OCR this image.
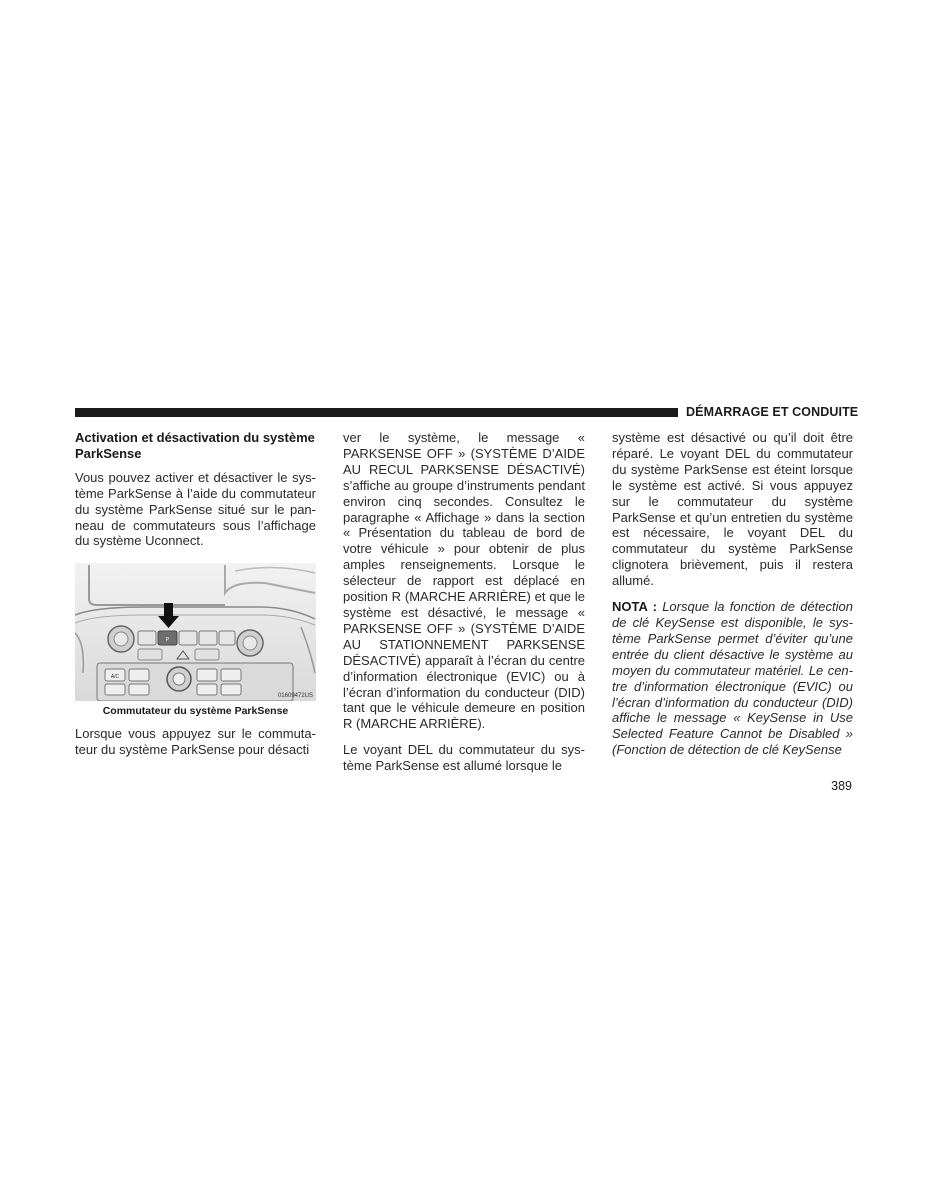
DÉMARRAGE ET CONDUITE

Activation et désactivation du système ParkSense

Vous pouvez activer et désactiver le système ParkSense à l’aide du commutateur du système ParkSense situé sur le panneau de commutateurs sous l’affichage du système Uconnect.

P
A/C
01609472US
Commutateur du système ParkSense

Lorsque vous appuyez sur le commutateur du système ParkSense pour désacti

ver le système, le message « PARKSENSE OFF » (SYSTÈME D’AIDE AU RECUL PARKSENSE DÉSACTIVÉ) s’affiche au groupe d’instruments pendant environ cinq secondes. Consultez le paragraphe « Affichage » dans la section « Présentation du tableau de bord de votre véhicule » pour obtenir de plus amples renseignements. Lorsque le sélecteur de rapport est déplacé en position R (MARCHE ARRIÈRE) et que le système est désactivé, le message « PARKSENSE OFF » (SYSTÈME D’AIDE AU STATIONNEMENT PARKSENSE DÉSACTIVÉ) apparaît à l’écran du centre d’information électronique (EVIC) ou à l’écran d’information du conducteur (DID) tant que le véhicule demeure en position R (MARCHE ARRIÈRE).

Le voyant DEL du commutateur du système ParkSense est allumé lorsque le

système est désactivé ou qu’il doit être réparé. Le voyant DEL du commutateur du système ParkSense est éteint lorsque le système est activé. Si vous appuyez sur le commutateur du système ParkSense et qu’un entretien du système est nécessaire, le voyant DEL du commutateur du système ParkSense clignotera brièvement, puis il restera allumé.

NOTA : Lorsque la fonction de détection de clé KeySense est disponible, le système ParkSense permet d’éviter qu’une entrée du client désactive le système au moyen du commutateur matériel. Le centre d’information électronique (EVIC) ou l’écran d’information du conducteur (DID) affiche le message « KeySense in Use Selected Feature Cannot be Disabled » (Fonction de détection de clé KeySense

389
